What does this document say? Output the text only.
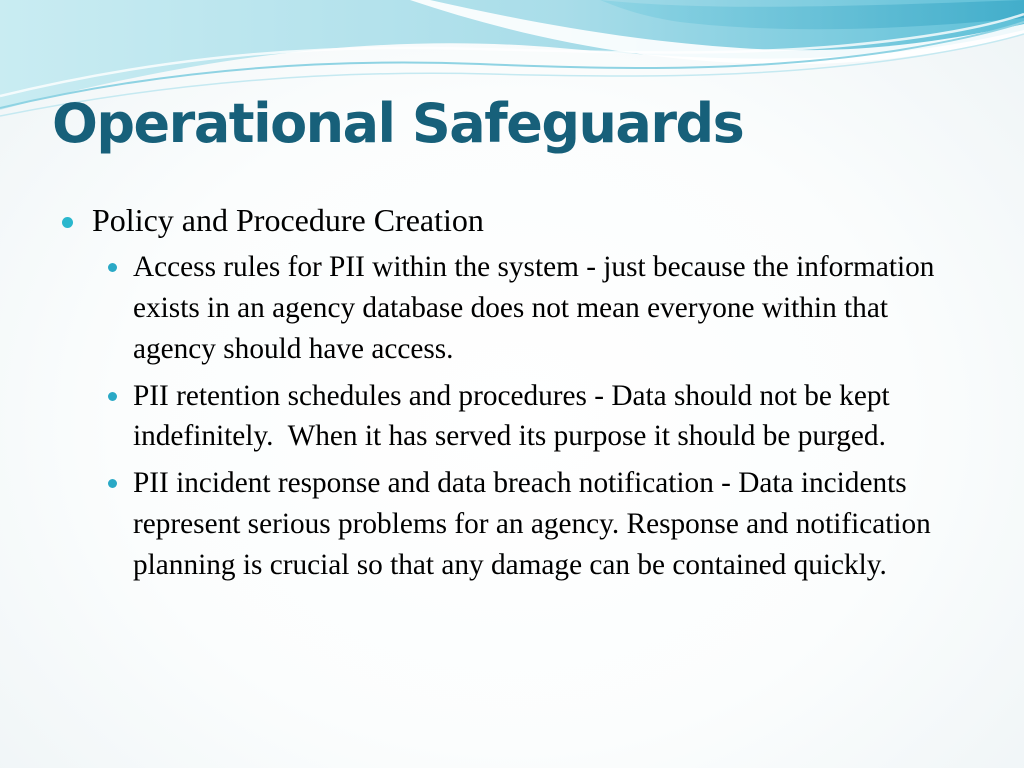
Operational Safeguards
Policy and Procedure Creation
Access rules for PII within the system - just because the information exists in an agency database does not mean everyone within that agency should have access.
PII retention schedules and procedures - Data should not be kept indefinitely.  When it has served its purpose it should be purged.
PII incident response and data breach notification - Data incidents represent serious problems for an agency. Response and notification planning is crucial so that any damage can be contained quickly.
